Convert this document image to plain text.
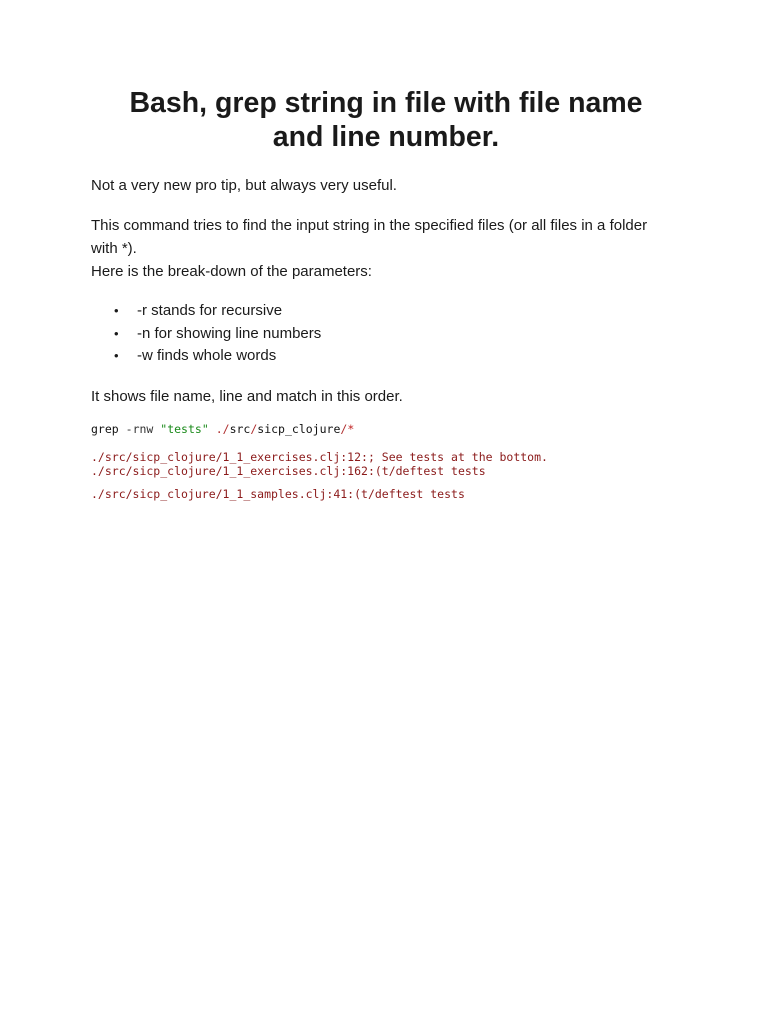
Bash, grep string in file with file name
and line number.

Not a very new pro tip, but always very useful.

This command tries to find the input string in the specified files (or all files in a folder
with *).
Here is the break-down of the parameters:

• -r stands for recursive
• -n for showing line numbers
• -w finds whole words

It shows file name, line and match in this order.

grep -rnw "tests" ./src/sicp_clojure/*

./src/sicp_clojure/1_1_exercises.clj:12:; See tests at the bottom.

./src/sicp_clojure/1_1_exercises.clj:162:(t/deftest tests

./src/sicp_clojure/1_1_samples.clj:41:(t/deftest tests
